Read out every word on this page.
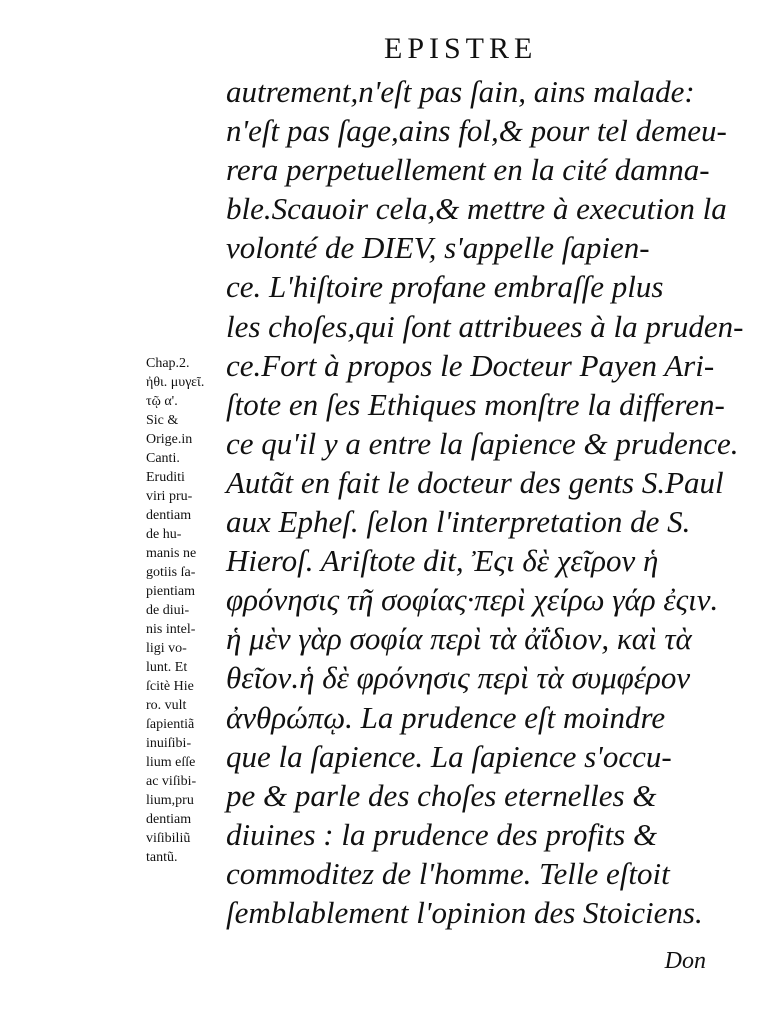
EPISTRE
autrement,n'eſt pas ſain, ains malade:
n'eſt pas ſage,ains fol,& pour tel demeu-
rera perpetuellement en la cité damna-
ble.Scauoir cela,& mettre à execution la
volonté de DIEV, s'appelle ſapien-
ce. L'hiſtoire profane embraſſe plus
les choſes,qui ſont attribuees à la pruden-
ce.Fort à propos le Docteur Payen Ari-
ſtote en ſes Ethiques monſtre la differen-
ce qu'il y a entre la ſapience & prudence.
Autãt en fait le docteur des gents S.Paul
aux Epheſ. ſelon l'interpretation de S.
Hieroſ. Ariſtote dit, Ἐςι δὲ χεῖρον ἡ
φρόνησις τῆ σοφίας·περὶ χείρω γάρ ἐςιν.
ἡ μὲν γὰρ σοφία περὶ τὰ ἀΐδιον, καὶ τὰ
θεῖον.ἡ δὲ φρόνησις περὶ τὰ συμφέρον
ἀνθρώπῳ. La prudence eſt moindre
que la ſapience. La ſapience s'occu-
pe & parle des choſes eternelles &
diuines : la prudence des profits &
commoditez de l'homme. Telle eſtoit
ſemblablement l'opinion des Stoiciens.
Don
Chap.2.
ἠθι. μυγεῖ.
τῷ α'.
Sic &
Orige.in
Canti.
Eruditi
viri pru-
dentiam
de hu-
manis ne
gotiis ſa-
pientiam
de diui-
nis intel-
ligi vo-
lunt. Et
ſcitè Hie
ro. vult
ſapientiã
inuiſibi-
lium eſſe
ac viſibi-
lium,pru
dentiam
viſibiliũ
tantũ.
